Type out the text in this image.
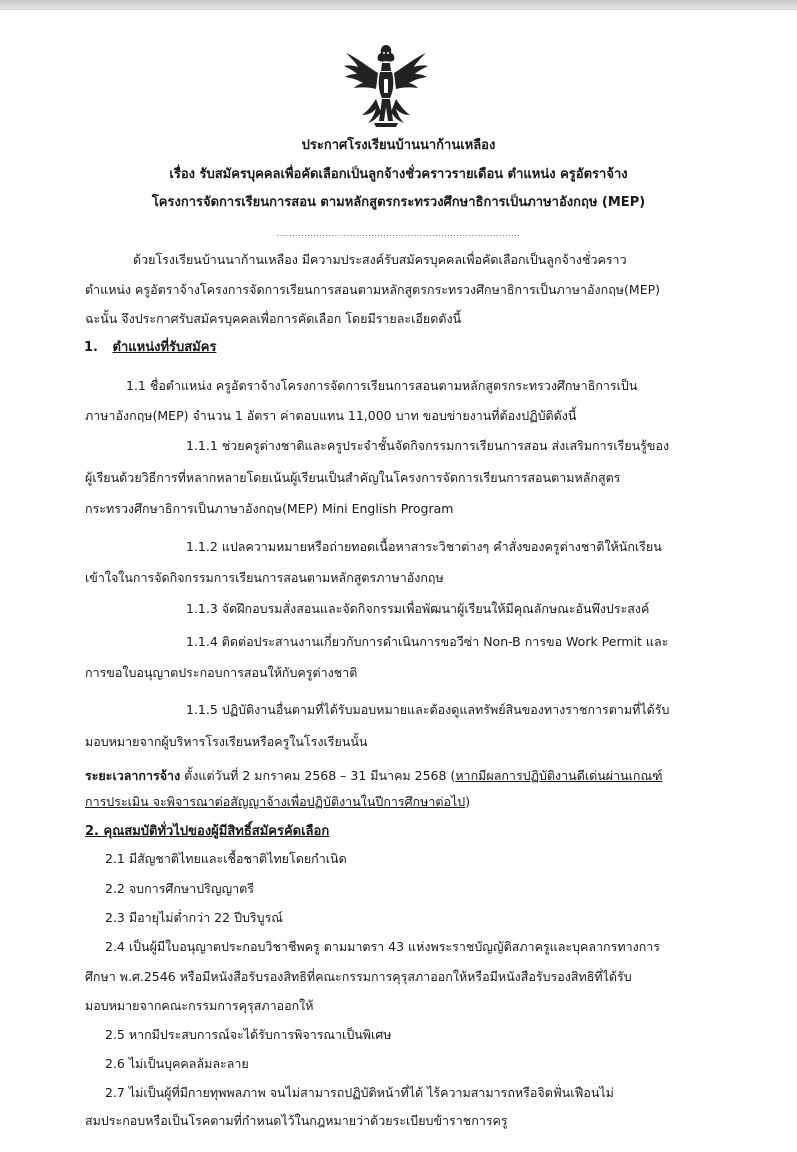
ประกาศโรงเรียนบ้านนาก้านเหลือง
เรื่อง รับสมัครบุคคลเพื่อคัดเลือกเป็นลูกจ้างชั่วคราวรายเดือน ตำแหน่ง ครูอัตราจ้าง
โครงการจัดการเรียนการสอน ตามหลักสูตรกระทรวงศึกษาธิการเป็นภาษาอังกฤษ (MEP)
................................................................................
ด้วยโรงเรียนบ้านนาก้านเหลือง มีความประสงค์รับสมัครบุคคลเพื่อคัดเลือกเป็นลูกจ้างชั่วคราว
ตำแหน่ง ครูอัตราจ้างโครงการจัดการเรียนการสอนตามหลักสูตรกระทรวงศึกษาธิการเป็นภาษาอังกฤษ(MEP)
ฉะนั้น จึงประกาศรับสมัครบุคคลเพื่อการคัดเลือก โดยมีรายละเอียดดังนี้
1. ตำแหน่งที่รับสมัคร
1.1 ชื่อตำแหน่ง ครูอัตราจ้างโครงการจัดการเรียนการสอนตามหลักสูตรกระทรวงศึกษาธิการเป็น
ภาษาอังกฤษ(MEP) จำนวน 1 อัตรา ค่าตอบแทน 11,000 บาท ขอบข่ายงานที่ต้องปฏิบัติดังนี้
1.1.1 ช่วยครูต่างชาติและครูประจำชั้นจัดกิจกรรมการเรียนการสอน ส่งเสริมการเรียนรู้ของ
ผู้เรียนด้วยวิธีการที่หลากหลายโดยเน้นผู้เรียนเป็นสำคัญในโครงการจัดการเรียนการสอนตามหลักสูตร
กระทรวงศึกษาธิการเป็นภาษาอังกฤษ(MEP) Mini English Program
1.1.2 แปลความหมายหรือถ่ายทอดเนื้อหาสาระวิชาต่างๆ คำสั่งของครูต่างชาติให้นักเรียน
เข้าใจในการจัดกิจกรรมการเรียนการสอนตามหลักสูตรภาษาอังกฤษ
1.1.3 จัดฝึกอบรมสั่งสอนและจัดกิจกรรมเพื่อพัฒนาผู้เรียนให้มีคุณลักษณะอันพึงประสงค์
1.1.4 ติดต่อประสานงานเกี่ยวกับการดำเนินการขอวีซ่า Non-B การขอ Work Permit และ
การขอใบอนุญาตประกอบการสอนให้กับครูต่างชาติ
1.1.5 ปฏิบัติงานอื่นตามที่ได้รับมอบหมายและต้องดูแลทรัพย์สินของทางราชการตามที่ได้รับ
มอบหมายจากผู้บริหารโรงเรียนหรือครูในโรงเรียนนั้น
ระยะเวลาการจ้าง ตั้งแต่วันที่ 2 มกราคม 2568 – 31 มีนาคม 2568 (หากมีผลการปฏิบัติงานดีเด่นผ่านเกณฑ์
การประเมิน จะพิจารณาต่อสัญญาจ้างเพื่อปฏิบัติงานในปีการศึกษาต่อไป)
2. คุณสมบัติทั่วไปของผู้มีสิทธิ์สมัครคัดเลือก
2.1 มีสัญชาติไทยและเชื้อชาติไทยโดยกำเนิด
2.2 จบการศึกษาปริญญาตรี
2.3 มีอายุไม่ต่ำกว่า 22 ปีบริบูรณ์
2.4 เป็นผู้มีใบอนุญาตประกอบวิชาชีพครู ตามมาตรา 43 แห่งพระราชบัญญัติสภาครูและบุคลากรทางการ
ศึกษา พ.ศ.2546 หรือมีหนังสือรับรองสิทธิที่คณะกรรมการคุรุสภาออกให้หรือมีหนังสือรับรองสิทธิที่ได้รับ
มอบหมายจากคณะกรรมการคุรุสภาออกให้
2.5 หากมีประสบการณ์จะได้รับการพิจารณาเป็นพิเศษ
2.6 ไม่เป็นบุคคลล้มละลาย
2.7 ไม่เป็นผู้ที่มีกายทุพพลภาพ จนไม่สามารถปฏิบัติหน้าที่ได้ ไร้ความสามารถหรือจิตฟั่นเฟือนไม่
สมประกอบหรือเป็นโรคตามที่กำหนดไว้ในกฎหมายว่าด้วยระเบียบข้าราชการครู
